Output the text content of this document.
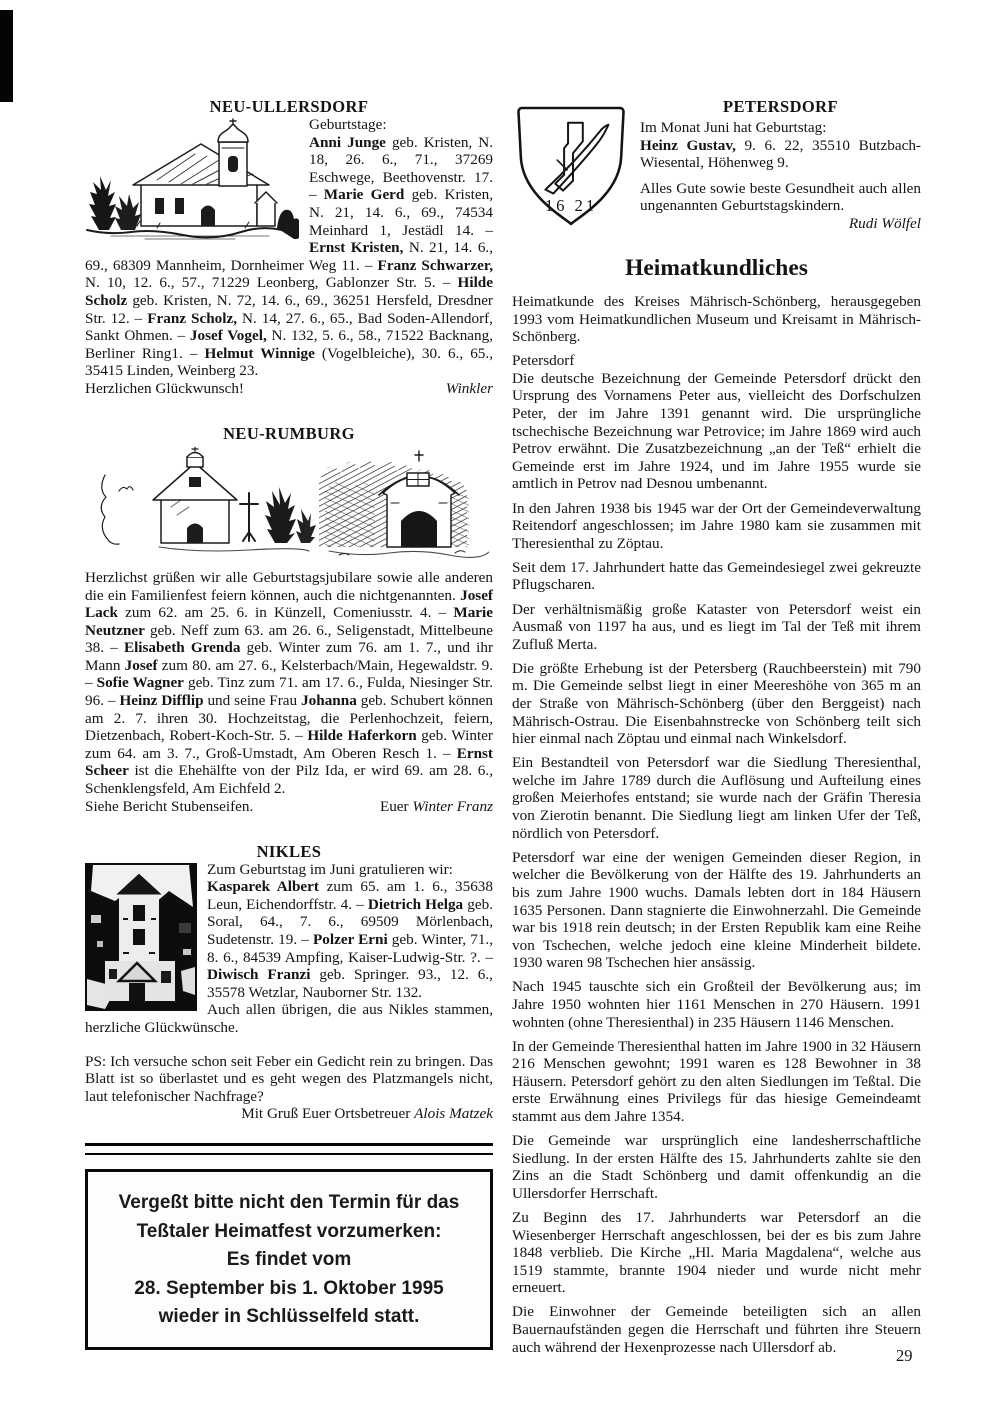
NEU-ULLERSDORF
Geburtstage:
Anni Junge geb. Kristen, N. 18, 26. 6., 71., 37269 Eschwege, Beethovenstr. 17. – Marie Gerd geb. Kristen, N. 21, 14. 6., 69., 74534 Meinhard 1, Jestädl 14. – Ernst Kristen, N. 21, 14. 6., 69., 68309 Mannheim, Dornheimer Weg 11. – Franz Schwarzer, N. 10, 12. 6., 57., 71229 Leonberg, Gablonzer Str. 5. – Hilde Scholz geb. Kristen, N. 72, 14. 6., 69., 36251 Hersfeld, Dresdner Str. 12. – Franz Scholz, N. 14, 27. 6., 65., Bad Soden-Allendorf, Sankt Ohmen. – Josef Vogel, N. 132, 5. 6., 58., 71522 Backnang, Berliner Ring1. – Helmut Winnige (Vogelbleiche), 30. 6., 65., 35415 Linden, Weinberg 23.
Herzlichen Glückwunsch!	Winkler
NEU-RUMBURG
Herzlichst grüßen wir alle Geburtstagsjubilare sowie alle anderen die ein Familienfest feiern können, auch die nichtgenannten. Josef Lack zum 62. am 25. 6. in Künzell, Comeniusstr. 4. – Marie Neutzner geb. Neff zum 63. am 26. 6., Seligenstadt, Mittelbeune 38. – Elisabeth Grenda geb. Winter zum 76. am 1. 7., und ihr Mann Josef zum 80. am 27. 6., Kelsterbach/Main, Hegewaldstr. 9. – Sofie Wagner geb. Tinz zum 71. am 17. 6., Fulda, Niesinger Str. 96. – Heinz Difflip und seine Frau Johanna geb. Schubert können am 2. 7. ihren 30. Hochzeitstag, die Perlenhochzeit, feiern, Dietzenbach, Robert-Koch-Str. 5. – Hilde Haferkorn geb. Winter zum 64. am 3. 7., Groß-Umstadt, Am Oberen Resch 1. – Ernst Scheer ist die Ehehälfte von der Pilz Ida, er wird 69. am 28. 6., Schenklengsfeld, Am Eichfeld 2.
Siehe Bericht Stubenseifen.	Euer Winter Franz
NIKLES
Zum Geburtstag im Juni gratulieren wir:
Kasparek Albert zum 65. am 1. 6., 35638 Leun, Eichendorffstr. 4. – Dietrich Helga geb. Soral, 64., 7. 6., 69509 Mörlenbach, Sudetenstr. 19. – Polzer Erni geb. Winter, 71., 8. 6., 84539 Ampfing, Kaiser-Ludwig-Str. ?. – Diwisch Franzi geb. Springer. 93., 12. 6., 35578 Wetzlar, Nauborner Str. 132.
Auch allen übrigen, die aus Nikles stammen, herzliche Glückwünsche.
PS: Ich versuche schon seit Feber ein Gedicht rein zu bringen. Das Blatt ist so überlastet und es geht wegen des Platzmangels nicht, laut telefonischer Nachfrage?
Mit Gruß Euer Ortsbetreuer Alois Matzek
Vergeßt bitte nicht den Termin für das
Teßtaler Heimatfest vorzumerken:
Es findet vom
28. September bis 1. Oktober 1995
wieder in Schlüsselfeld statt.
16 21
PETERSDORF
Im Monat Juni hat Geburtstag:
Heinz Gustav, 9. 6. 22, 35510 Butzbach-Wiesental, Höhenweg 9.
Alles Gute sowie beste Gesundheit auch allen ungenannten Geburtstagskindern.
Rudi Wölfel
Heimatkundliches
Heimatkunde des Kreises Mährisch-Schönberg, herausgegeben 1993 vom Heimatkundlichen Museum und Kreisamt in Mährisch-Schönberg.
Petersdorf
Die deutsche Bezeichnung der Gemeinde Petersdorf drückt den Ursprung des Vornamens Peter aus, vielleicht des Dorfschulzen Peter, der im Jahre 1391 genannt wird. Die ursprüngliche tschechische Bezeichnung war Petrovice; im Jahre 1869 wird auch Petrov erwähnt. Die Zusatzbezeichnung „an der Teß“ erhielt die Gemeinde erst im Jahre 1924, und im Jahre 1955 wurde sie amtlich in Petrov nad Desnou umbenannt.
In den Jahren 1938 bis 1945 war der Ort der Gemeindeverwaltung Reitendorf angeschlossen; im Jahre 1980 kam sie zusammen mit Theresienthal zu Zöptau.
Seit dem 17. Jahrhundert hatte das Gemeindesiegel zwei gekreuzte Pflugscharen.
Der verhältnismäßig große Kataster von Petersdorf weist ein Ausmaß von 1197 ha aus, und es liegt im Tal der Teß mit ihrem Zufluß Merta.
Die größte Erhebung ist der Petersberg (Rauchbeerstein) mit 790 m. Die Gemeinde selbst liegt in einer Meereshöhe von 365 m an der Straße von Mährisch-Schönberg (über den Berggeist) nach Mährisch-Ostrau. Die Eisenbahnstrecke von Schönberg teilt sich hier einmal nach Zöptau und einmal nach Winkelsdorf.
Ein Bestandteil von Petersdorf war die Siedlung Theresienthal, welche im Jahre 1789 durch die Auflösung und Aufteilung eines großen Meierhofes entstand; sie wurde nach der Gräfin Theresia von Zierotin benannt. Die Siedlung liegt am linken Ufer der Teß, nördlich von Petersdorf.
Petersdorf war eine der wenigen Gemeinden dieser Region, in welcher die Bevölkerung von der Hälfte des 19. Jahrhunderts an bis zum Jahre 1900 wuchs. Damals lebten dort in 184 Häusern 1635 Personen. Dann stagnierte die Einwohnerzahl. Die Gemeinde war bis 1918 rein deutsch; in der Ersten Republik kam eine Reihe von Tschechen, welche jedoch eine kleine Minderheit bildete. 1930 waren 98 Tschechen hier ansässig.
Nach 1945 tauschte sich ein Großteil der Bevölkerung aus; im Jahre 1950 wohnten hier 1161 Menschen in 270 Häusern. 1991 wohnten (ohne Theresienthal) in 235 Häusern 1146 Menschen.
In der Gemeinde Theresienthal hatten im Jahre 1900 in 32 Häusern 216 Menschen gewohnt; 1991 waren es 128 Bewohner in 38 Häusern. Petersdorf gehört zu den alten Siedlungen im Teßtal. Die erste Erwähnung eines Privilegs für das hiesige Gemeindeamt stammt aus dem Jahre 1354.
Die Gemeinde war ursprünglich eine landesherrschaftliche Siedlung. In der ersten Hälfte des 15. Jahrhunderts zahlte sie den Zins an die Stadt Schönberg und damit offenkundig an die Ullersdorfer Herrschaft.
Zu Beginn des 17. Jahrhunderts war Petersdorf an die Wiesenberger Herrschaft angeschlossen, bei der es bis zum Jahre 1848 verblieb. Die Kirche „Hl. Maria Magdalena“, welche aus 1519 stammte, brannte 1904 nieder und wurde nicht mehr erneuert.
Die Einwohner der Gemeinde beteiligten sich an allen Bauernaufständen gegen die Herrschaft und führten ihre Steuern auch während der Hexenprozesse nach Ullersdorf ab.	29
